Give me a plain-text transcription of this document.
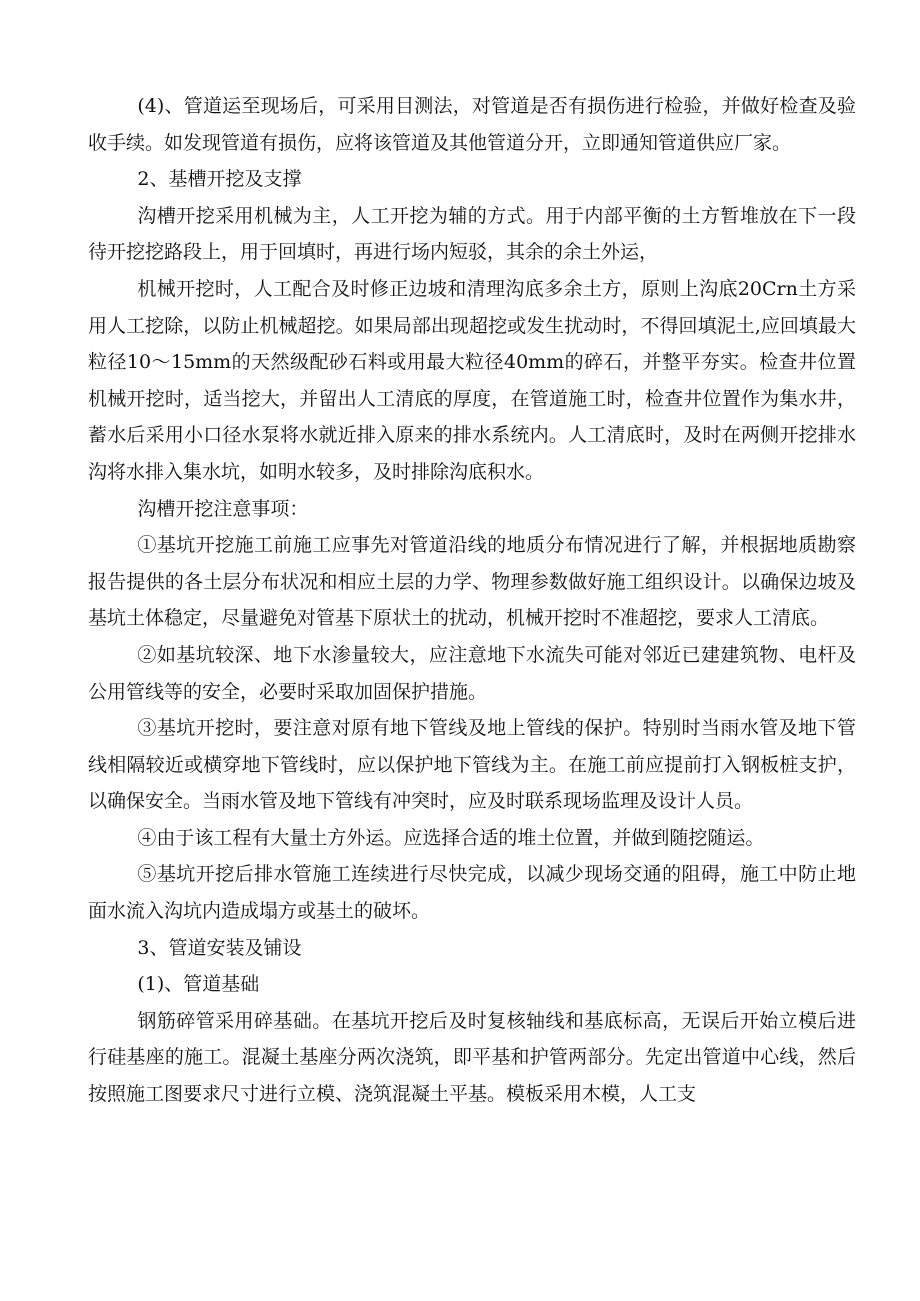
(4)、管道运至现场后，可采用目测法，对管道是否有损伤进行检验，并做好检查及验收手续。如发现管道有损伤，应将该管道及其他管道分开，立即通知管道供应厂家。

2、基槽开挖及支撑

沟槽开挖采用机械为主，人工开挖为辅的方式。用于内部平衡的土方暂堆放在下一段待开挖挖路段上，用于回填时，再进行场内短驳，其余的余土外运，

机械开挖时，人工配合及时修正边坡和清理沟底多余土方，原则上沟底20Crn土方采用人工挖除，以防止机械超挖。如果局部出现超挖或发生扰动时，不得回填泥土,应回填最大粒径10～15mm的天然级配砂石料或用最大粒径40mm的碎石，并整平夯实。检查井位置机械开挖时，适当挖大，并留出人工清底的厚度，在管道施工时，检查井位置作为集水井，蓄水后采用小口径水泵将水就近排入原来的排水系统内。人工清底时，及时在两侧开挖排水沟将水排入集水坑，如明水较多，及时排除沟底积水。

沟槽开挖注意事项：

①基坑开挖施工前施工应事先对管道沿线的地质分布情况进行了解，并根据地质勘察报告提供的各土层分布状况和相应土层的力学、物理参数做好施工组织设计。以确保边坡及基坑土体稳定，尽量避免对管基下原状土的扰动，机械开挖时不准超挖，要求人工清底。

②如基坑较深、地下水渗量较大，应注意地下水流失可能对邻近已建建筑物、电杆及公用管线等的安全，必要时采取加固保护措施。

③基坑开挖时，要注意对原有地下管线及地上管线的保护。特别时当雨水管及地下管线相隔较近或横穿地下管线时，应以保护地下管线为主。在施工前应提前打入钢板桩支护，以确保安全。当雨水管及地下管线有冲突时，应及时联系现场监理及设计人员。

④由于该工程有大量土方外运。应选择合适的堆土位置，并做到随挖随运。

⑤基坑开挖后排水管施工连续进行尽快完成，以减少现场交通的阻碍，施工中防止地面水流入沟坑内造成塌方或基土的破坏。

3、管道安装及铺设

(1)、管道基础

钢筋碎管采用碎基础。在基坑开挖后及时复核轴线和基底标高，无误后开始立模后进行硅基座的施工。混凝土基座分两次浇筑，即平基和护管两部分。先定出管道中心线，然后按照施工图要求尺寸进行立模、浇筑混凝土平基。模板采用木模，人工支
